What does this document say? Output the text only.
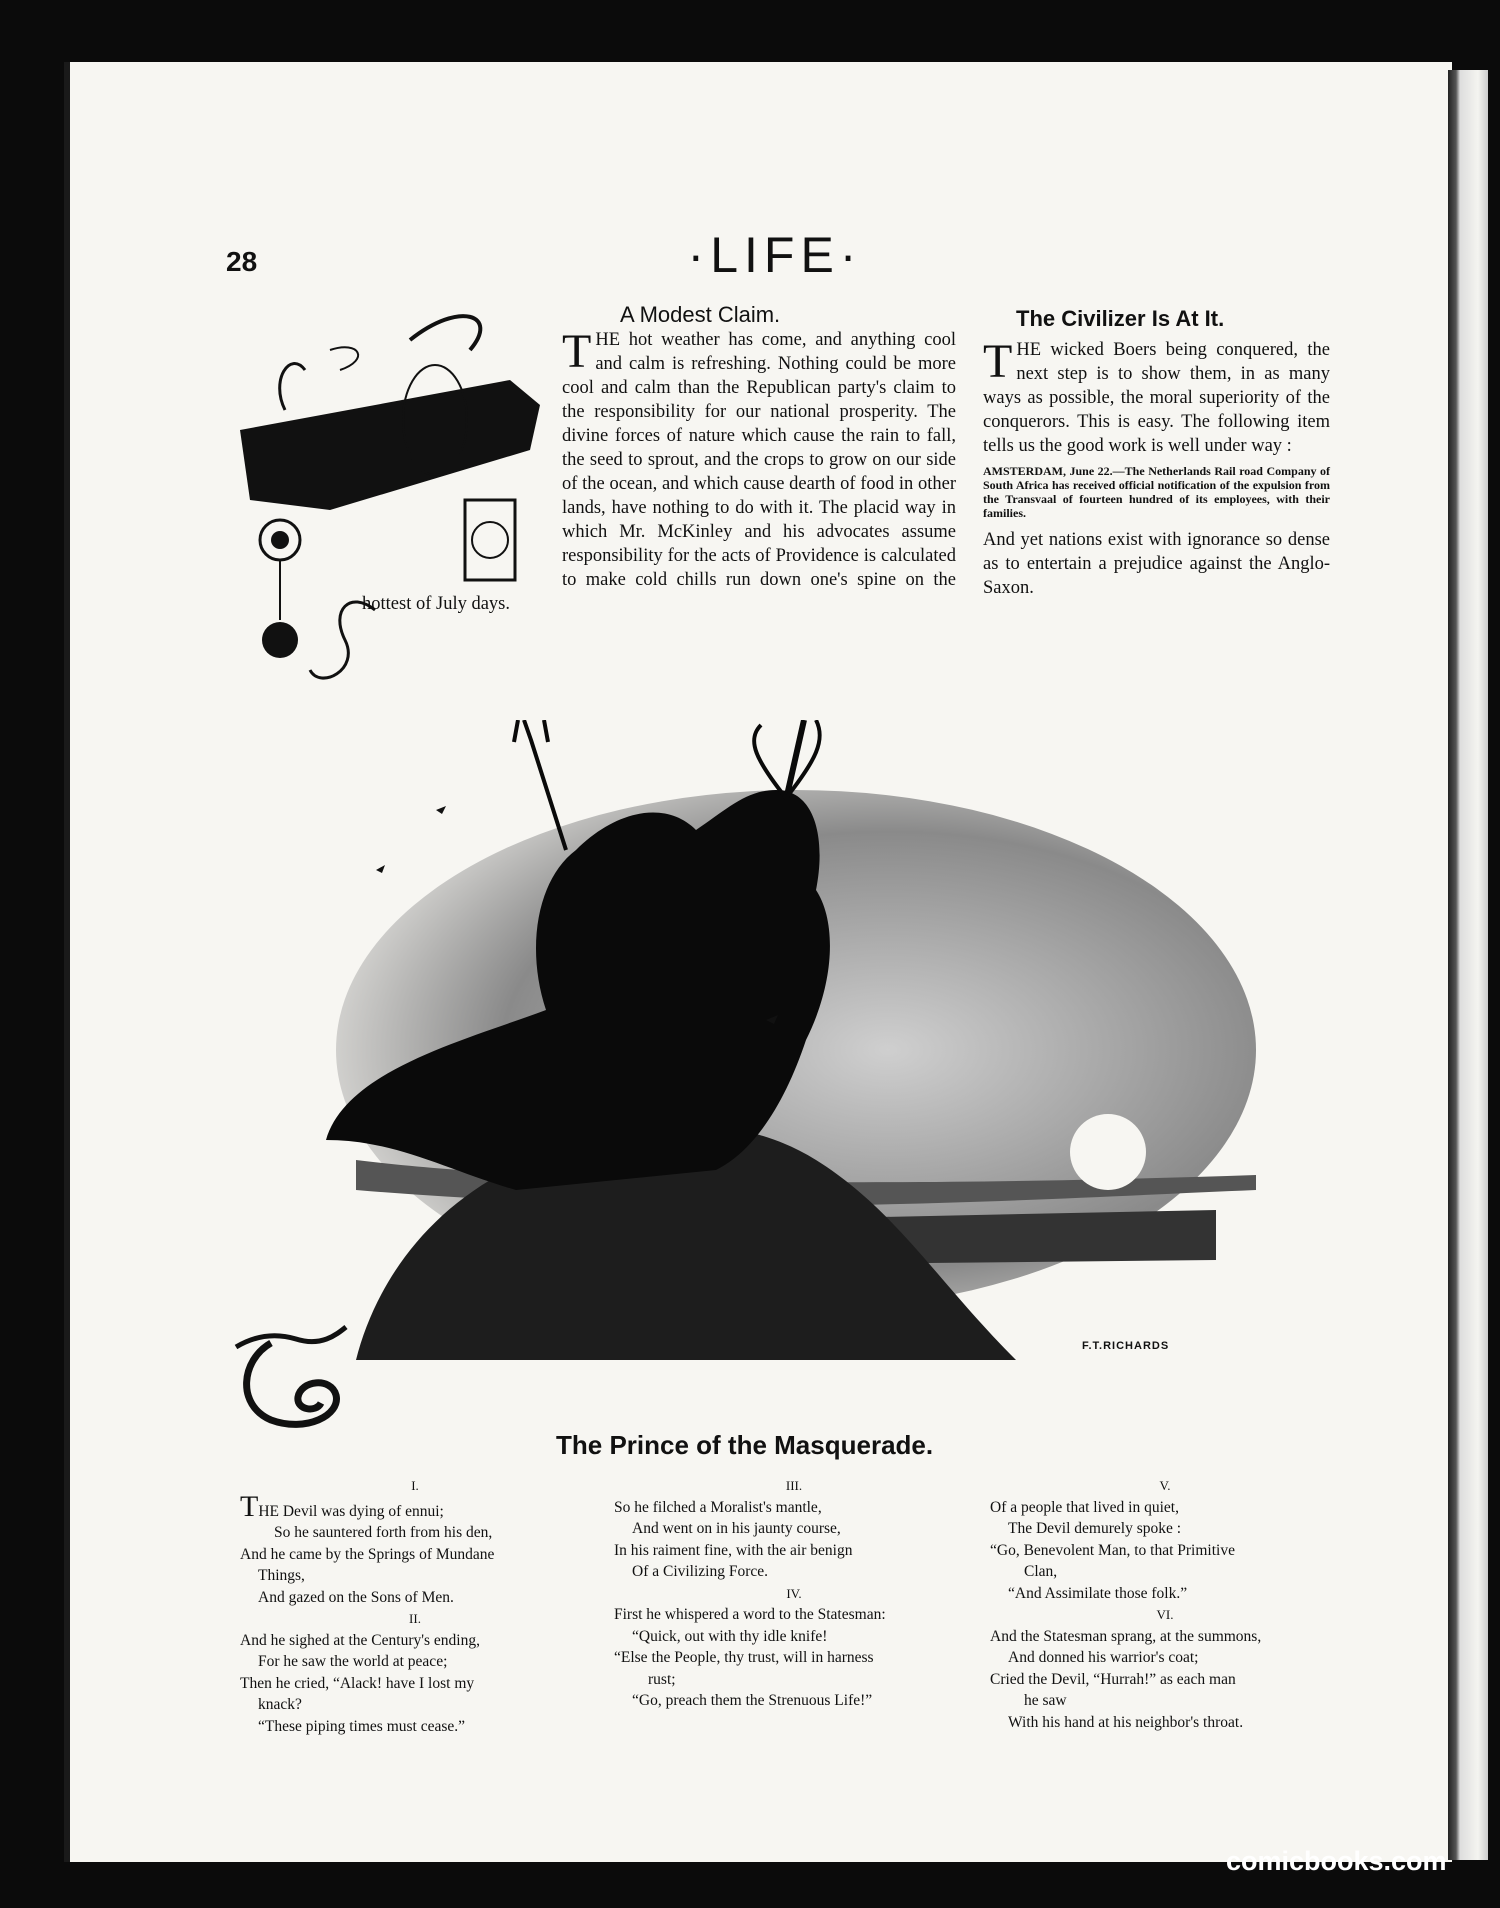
28	·LIFE·
A Modest Claim.
THE hot weather has come, and anything cool and calm is refreshing. Nothing could be more cool and calm than the Republican party's claim to the responsibility for our national prosperity. The divine forces of nature which cause the rain to fall, the seed to sprout, and the crops to grow on our side of the ocean, and which cause dearth of food in other lands, have nothing to do with it. The placid way in which Mr. McKinley and his advocates assume responsibility for the acts of Providence is calculated to make cold chills run down one's spine on the hottest of July days.
The Civilizer Is At It.
THE wicked Boers being conquered, the next step is to show them, in as many ways as possible, the moral superiority of the conquerors. This is easy. The following item tells us the good work is well under way :
AMSTERDAM, June 22.—The Netherlands Rail road Company of South Africa has received official notification of the expulsion from the Transvaal of fourteen hundred of its employees, with their families.
And yet nations exist with ignorance so dense as to entertain a prejudice against the Anglo-Saxon.
F.T.RICHARDS
The Prince of the Masquerade.
I.
THE Devil was dying of ennui;
So he sauntered forth from his den,
And he came by the Springs of Mundane
Things,
And gazed on the Sons of Men.
II.
And he sighed at the Century's ending,
For he saw the world at peace;
Then he cried, “Alack! have I lost my
knack?
“These piping times must cease.”
III.
So he filched a Moralist's mantle,
And went on in his jaunty course,
In his raiment fine, with the air benign
Of a Civilizing Force.
IV.
First he whispered a word to the Statesman:
“Quick, out with thy idle knife!
“Else the People, thy trust, will in harness
rust;
“Go, preach them the Strenuous Life!”
V.
Of a people that lived in quiet,
The Devil demurely spoke :
“Go, Benevolent Man, to that Primitive
Clan,
“And Assimilate those folk.”
VI.
And the Statesman sprang, at the summons,
And donned his warrior's coat;
Cried the Devil, “Hurrah!” as each man
he saw
With his hand at his neighbor's throat.
comicbooks.com
